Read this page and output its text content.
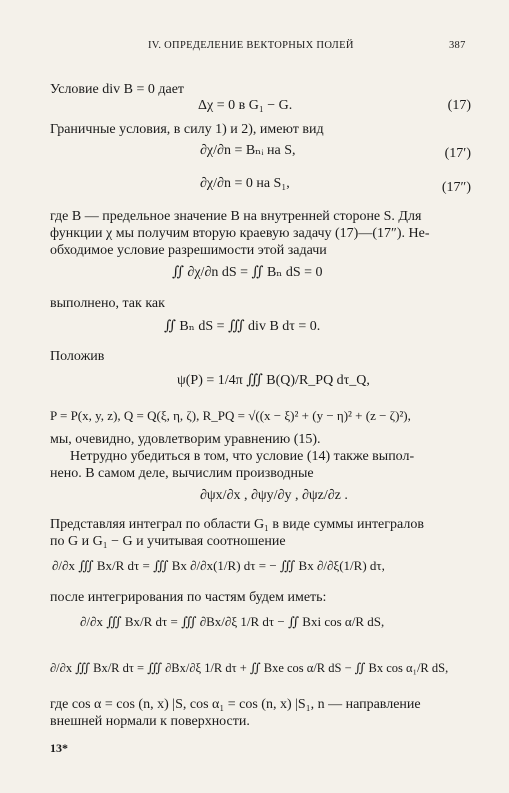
IV. ОПРЕДЕЛЕНИЕ ВЕКТОРНЫХ ПОЛЕЙ	387
Условие div B = 0 дает
Δχ = 0 в G₁ − G.	(17)
Граничные условия, в силу 1) и 2), имеют вид
∂χ/∂n = Bₙᵢ на S,	(17′)
∂χ/∂n = 0 на S₁,	(17″)
где B — предельное значение B на внутренней стороне S. Для
функции χ мы получим вторую краевую задачу (17)—(17″). Не-
обходимое условие разрешимости этой задачи
∬ ∂χ/∂n dS = ∬ Bₙ dS = 0
выполнено, так как
∬ Bₙ dS = ∭ div B dτ = 0.
Положив
ψ(P) = 1/4π ∭ B(Q)/R_PQ dτ_Q,
P = P(x, y, z), Q = Q(ξ, η, ζ), R_PQ = √((x − ξ)² + (y − η)² + (z − ζ)²),
мы, очевидно, удовлетворим уравнению (15).
Нетрудно убедиться в том, что условие (14) также выпол-
нено. В самом деле, вычислим производные
∂ψx/∂x , ∂ψy/∂y , ∂ψz/∂z .
Представляя интеграл по области G₁ в виде суммы интегралов
по G и G₁ − G и учитывая соотношение
∂/∂x ∭ Bx/R dτ = ∭ Bx ∂/∂x(1/R) dτ = − ∭ Bx ∂/∂ξ(1/R) dτ,
после интегрирования по частям будем иметь:
∂/∂x ∭ Bx/R dτ = ∭ ∂Bx/∂ξ 1/R dτ − ∬ Bxi cos α/R dS,
∂/∂x ∭ Bx/R dτ = ∭ ∂Bx/∂ξ 1/R dτ + ∬ Bxe cos α/R dS − ∬ Bx cos α₁/R dS,
где cos α = cos (n, x) |S, cos α₁ = cos (n, x) |S₁, n — направление
внешней нормали к поверхности.
13*
